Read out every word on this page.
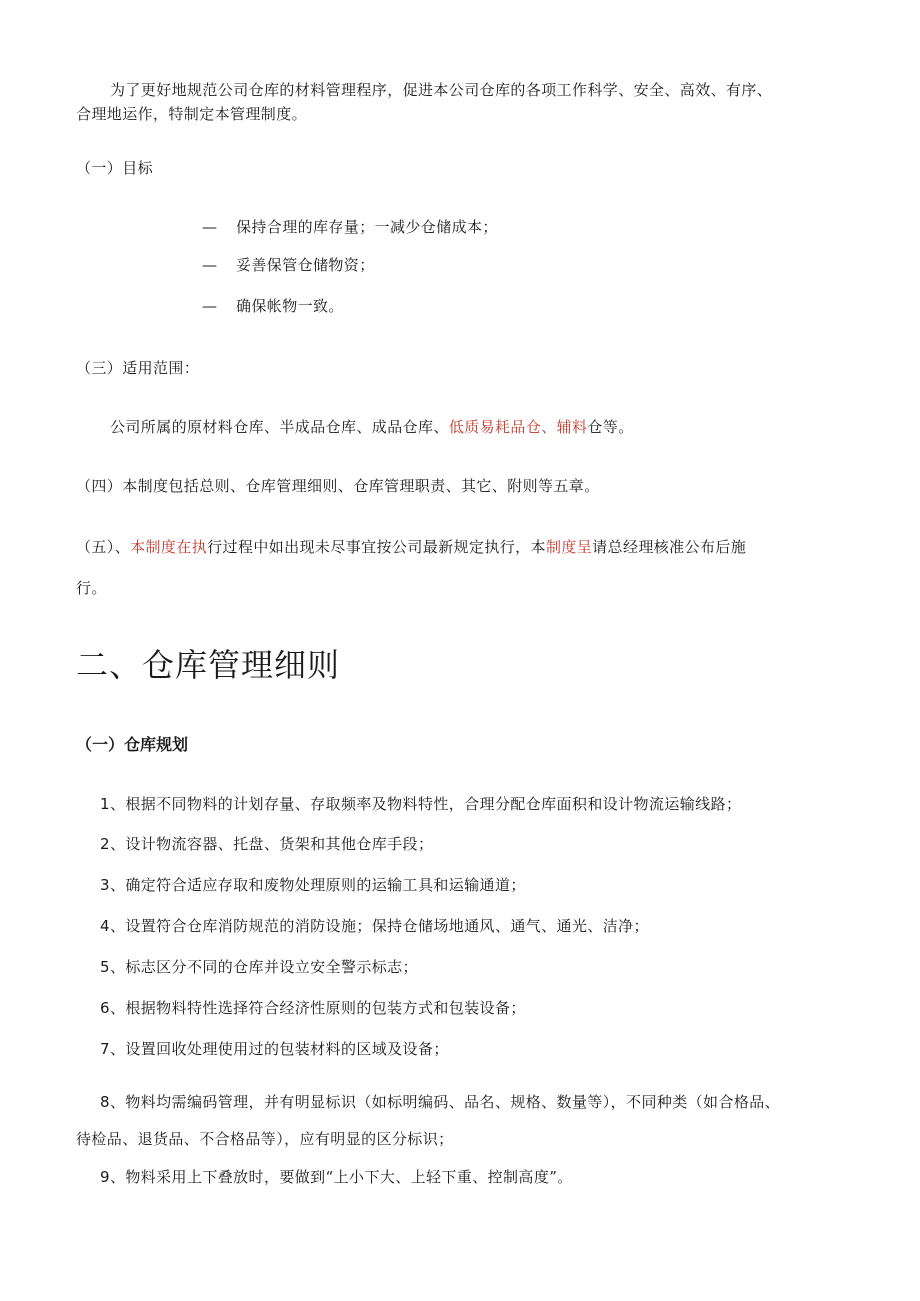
为了更好地规范公司仓库的材料管理程序，促进本公司仓库的各项工作科学、安全、高效、有序、
合理地运作，特制定本管理制度。
（一）目标
— 保持合理的库存量；一减少仓储成本；
— 妥善保管仓储物资；
— 确保帐物一致。
（三）适用范围：
公司所属的原材料仓库、半成品仓库、成品仓库、低质易耗品仓、辅料仓等。
（四）本制度包括总则、仓库管理细则、仓库管理职责、其它、附则等五章。
（五）、本制度在执行过程中如出现未尽事宜按公司最新规定执行，本制度呈请总经理核准公布后施
行。
二、仓库管理细则
（一）仓库规划
1、根据不同物料的计划存量、存取频率及物料特性，合理分配仓库面积和设计物流运输线路；
2、设计物流容器、托盘、货架和其他仓库手段；
3、确定符合适应存取和废物处理原则的运输工具和运输通道；
4、设置符合仓库消防规范的消防设施；保持仓储场地通风、通气、通光、洁净；
5、标志区分不同的仓库并设立安全警示标志；
6、根据物料特性选择符合经济性原则的包装方式和包装设备；
7、设置回收处理使用过的包装材料的区域及设备；
8、物料均需编码管理，并有明显标识（如标明编码、品名、规格、数量等），不同种类（如合格品、
待检品、退货品、不合格品等），应有明显的区分标识；
9、物料采用上下叠放时，要做到“上小下大、上轻下重、控制高度”。
